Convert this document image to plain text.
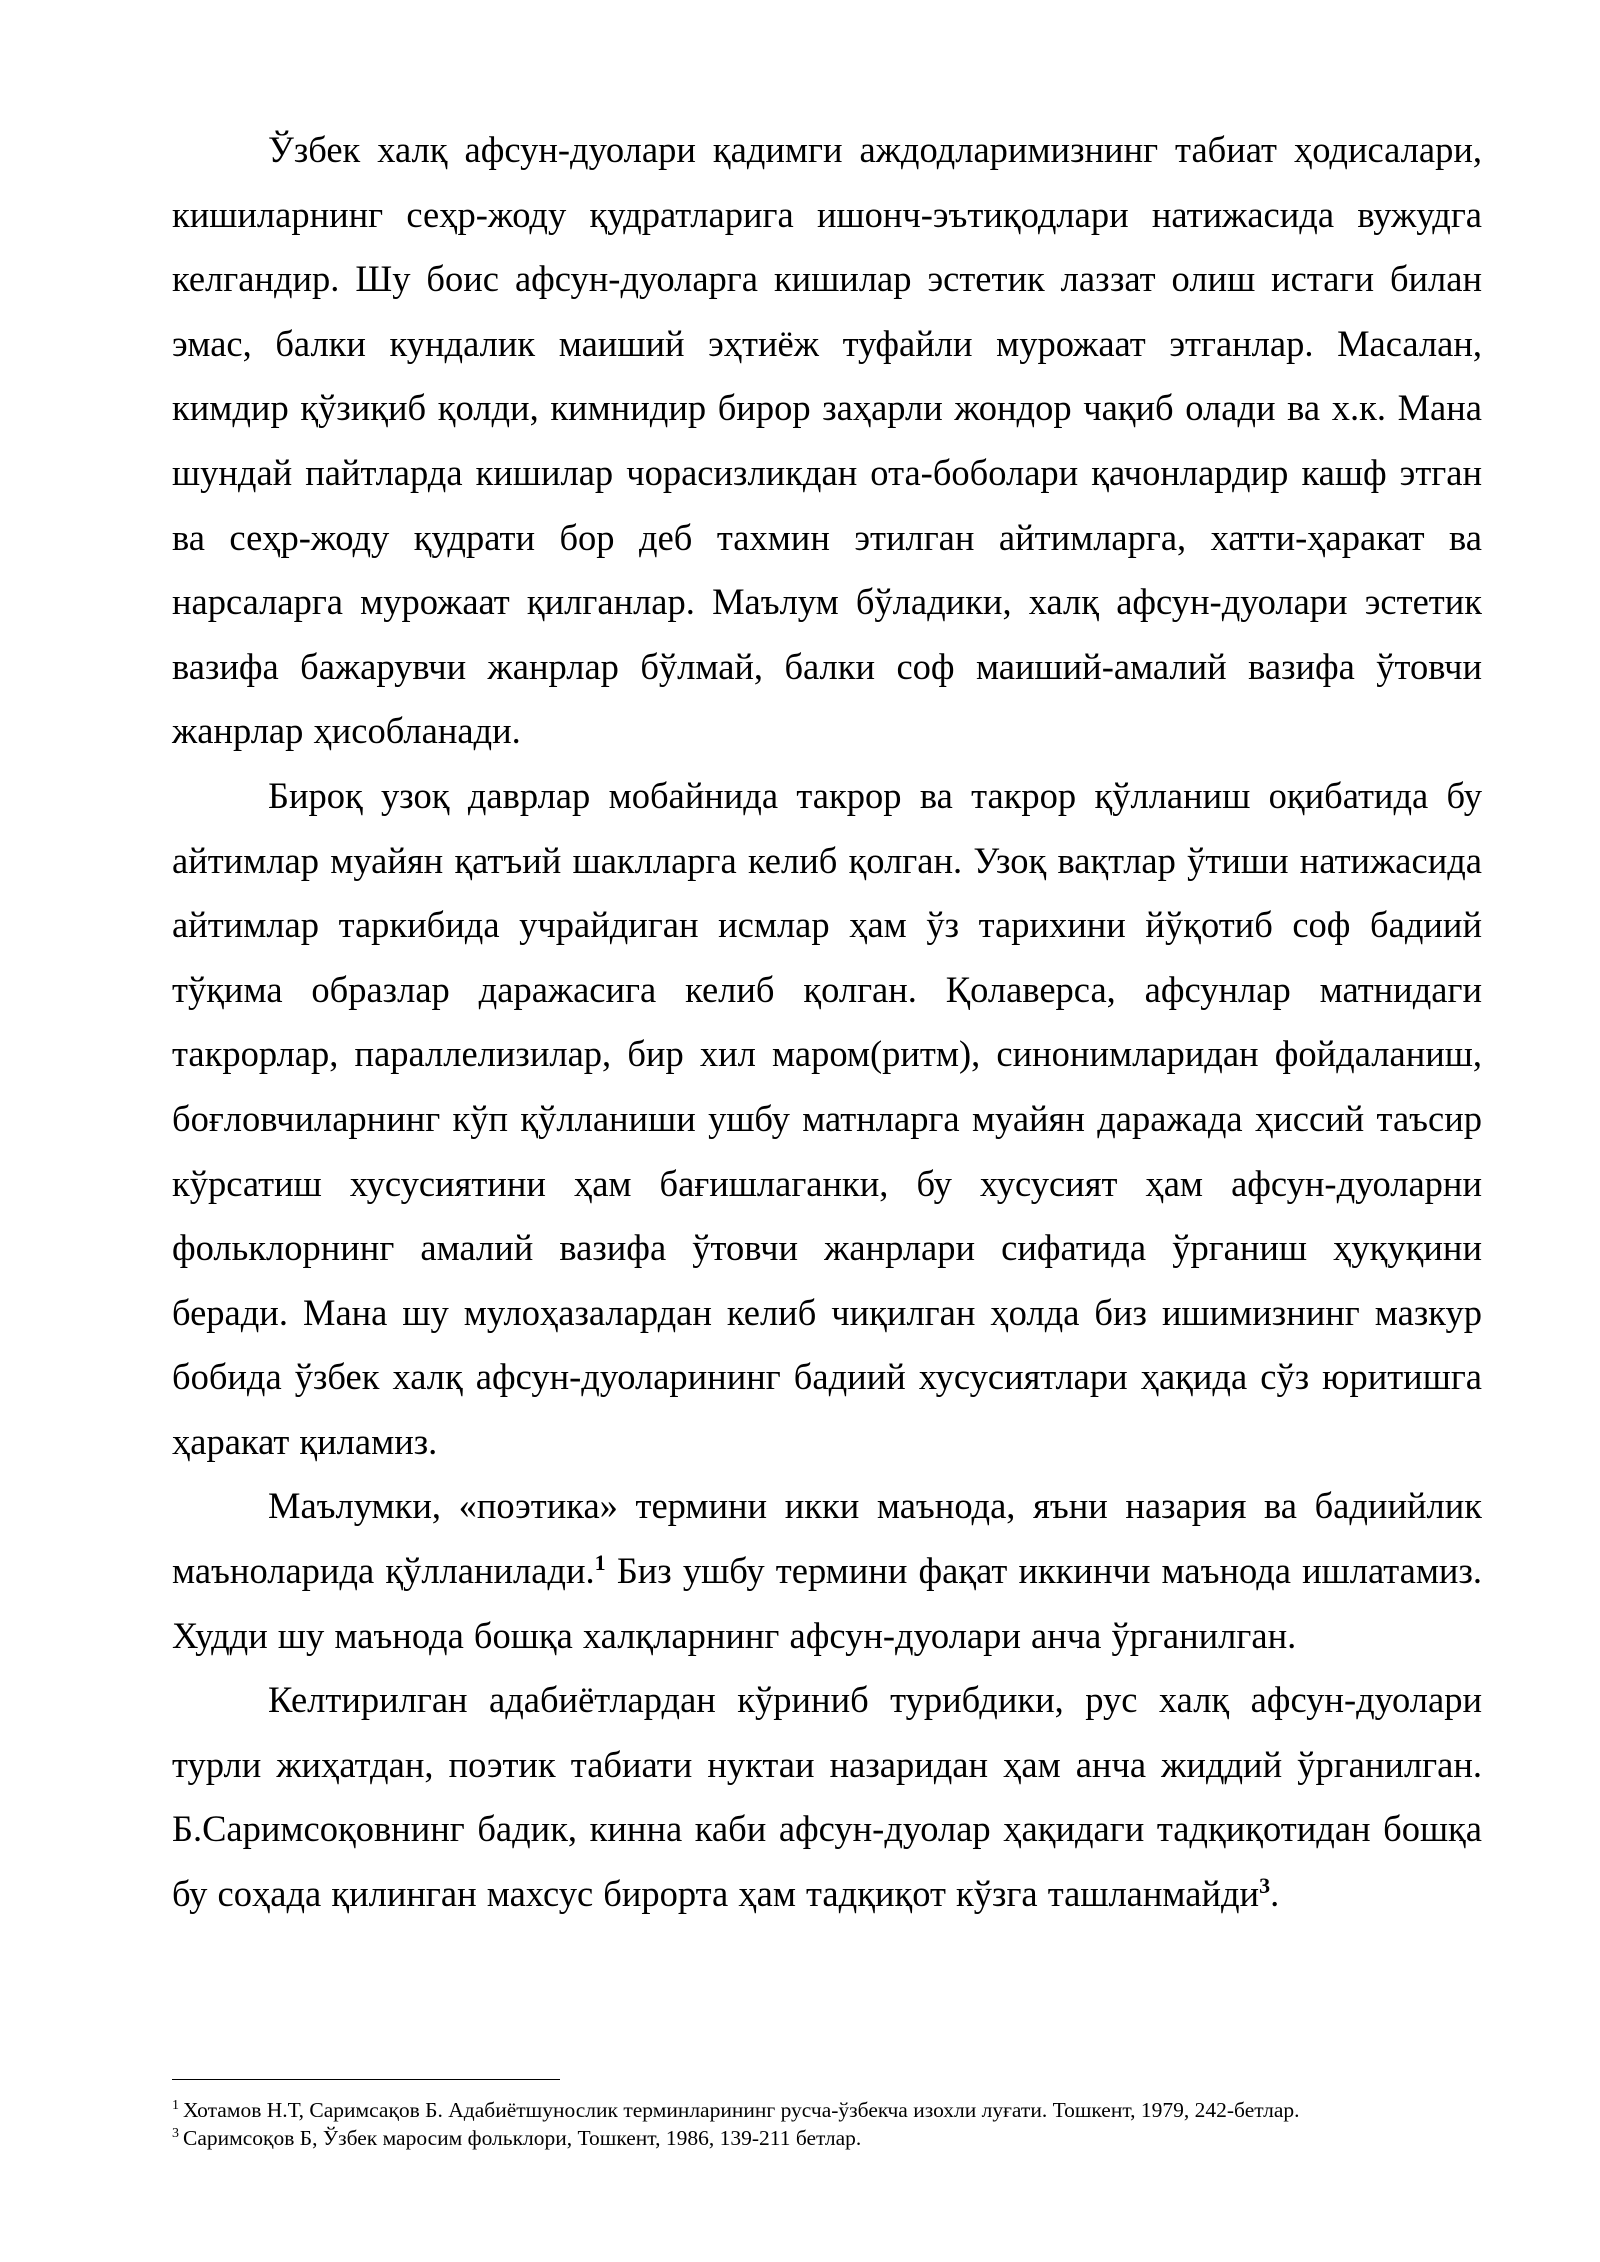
Ўзбек халқ афсун-дуолари қадимги аждодларимизнинг табиат ҳодисалари, кишиларнинг сеҳр-жоду қудратларига ишонч-эътиқодлари натижасида вужудга келгандир. Шу боис афсун-дуоларга кишилар эстетик лаззат олиш истаги билан эмас, балки кундалик маиший эҳтиёж туфайли мурожаат этганлар. Масалан, кимдир қўзиқиб қолди, кимнидир бирор заҳарли жондор чақиб олади ва х.к. Мана шундай пайтларда кишилар чорасизликдан ота-боболари қачонлардир кашф этган ва сеҳр-жоду қудрати бор деб тахмин этилган айтимларга, хатти-ҳаракат ва нарсаларга мурожаат қилганлар. Маълум бўладики, халқ афсун-дуолари эстетик вазифа бажарувчи жанрлар бўлмай, балки соф маиший-амалий вазифа ўтовчи жанрлар ҳисобланади.

Бироқ узоқ даврлар мобайнида такрор ва такрор қўлланиш оқибатида бу айтимлар муайян қатъий шаклларга келиб қолган. Узоқ вақтлар ўтиши натижасида айтимлар таркибида учрайдиган исмлар ҳам ўз тарихини йўқотиб соф бадиий тўқима образлар даражасига келиб қолган. Қолаверса, афсунлар матнидаги такрорлар, параллелизилар, бир хил маром(ритм), синонимларидан фойдаланиш, боғловчиларнинг кўп қўлланиши ушбу матнларга муайян даражада ҳиссий таъсир кўрсатиш хусусиятини ҳам бағишлаганки, бу хусусият ҳам афсун-дуоларни фольклорнинг амалий вазифа ўтовчи жанрлари сифатида ўрганиш ҳуқуқини беради. Мана шу мулоҳазалардан келиб чиқилган ҳолда биз ишимизнинг мазкур бобида ўзбек халқ афсун-дуоларининг бадиий хусусиятлари ҳақида сўз юритишга ҳаракат қиламиз.

Маълумки, «поэтика» термини икки маънода, яъни назария ва бадиийлик маъноларида қўлланилади.$^1$ Биз ушбу термини фақат иккинчи маънода ишлатамиз. Худди шу маънода бошқа халқларнинг афсун-дуолари анча ўрганилган.

Келтирилган адабиётлардан кўриниб турибдики, рус халқ афсун-дуолари турли жиҳатдан, поэтик табиати нуктаи назаридан ҳам анча жиддий ўрганилган. Б.Саримсоқовнинг бадик, кинна каби афсун-дуолар ҳақидаги тадқиқотидан бошқа бу соҳада қилинган махсус бирорта ҳам тадқиқот кўзга ташланмайди$^3$.

$^1$ Хотамов Н.Т, Саримсақов Б. Адабиётшунослик терминларининг русча-ўзбекча изохли луғати. Тошкент, 1979, 242-бетлар.

$^3$ Саримсоқов Б, Ўзбек маросим фольклори, Тошкент, 1986, 139-211 бетлар.
